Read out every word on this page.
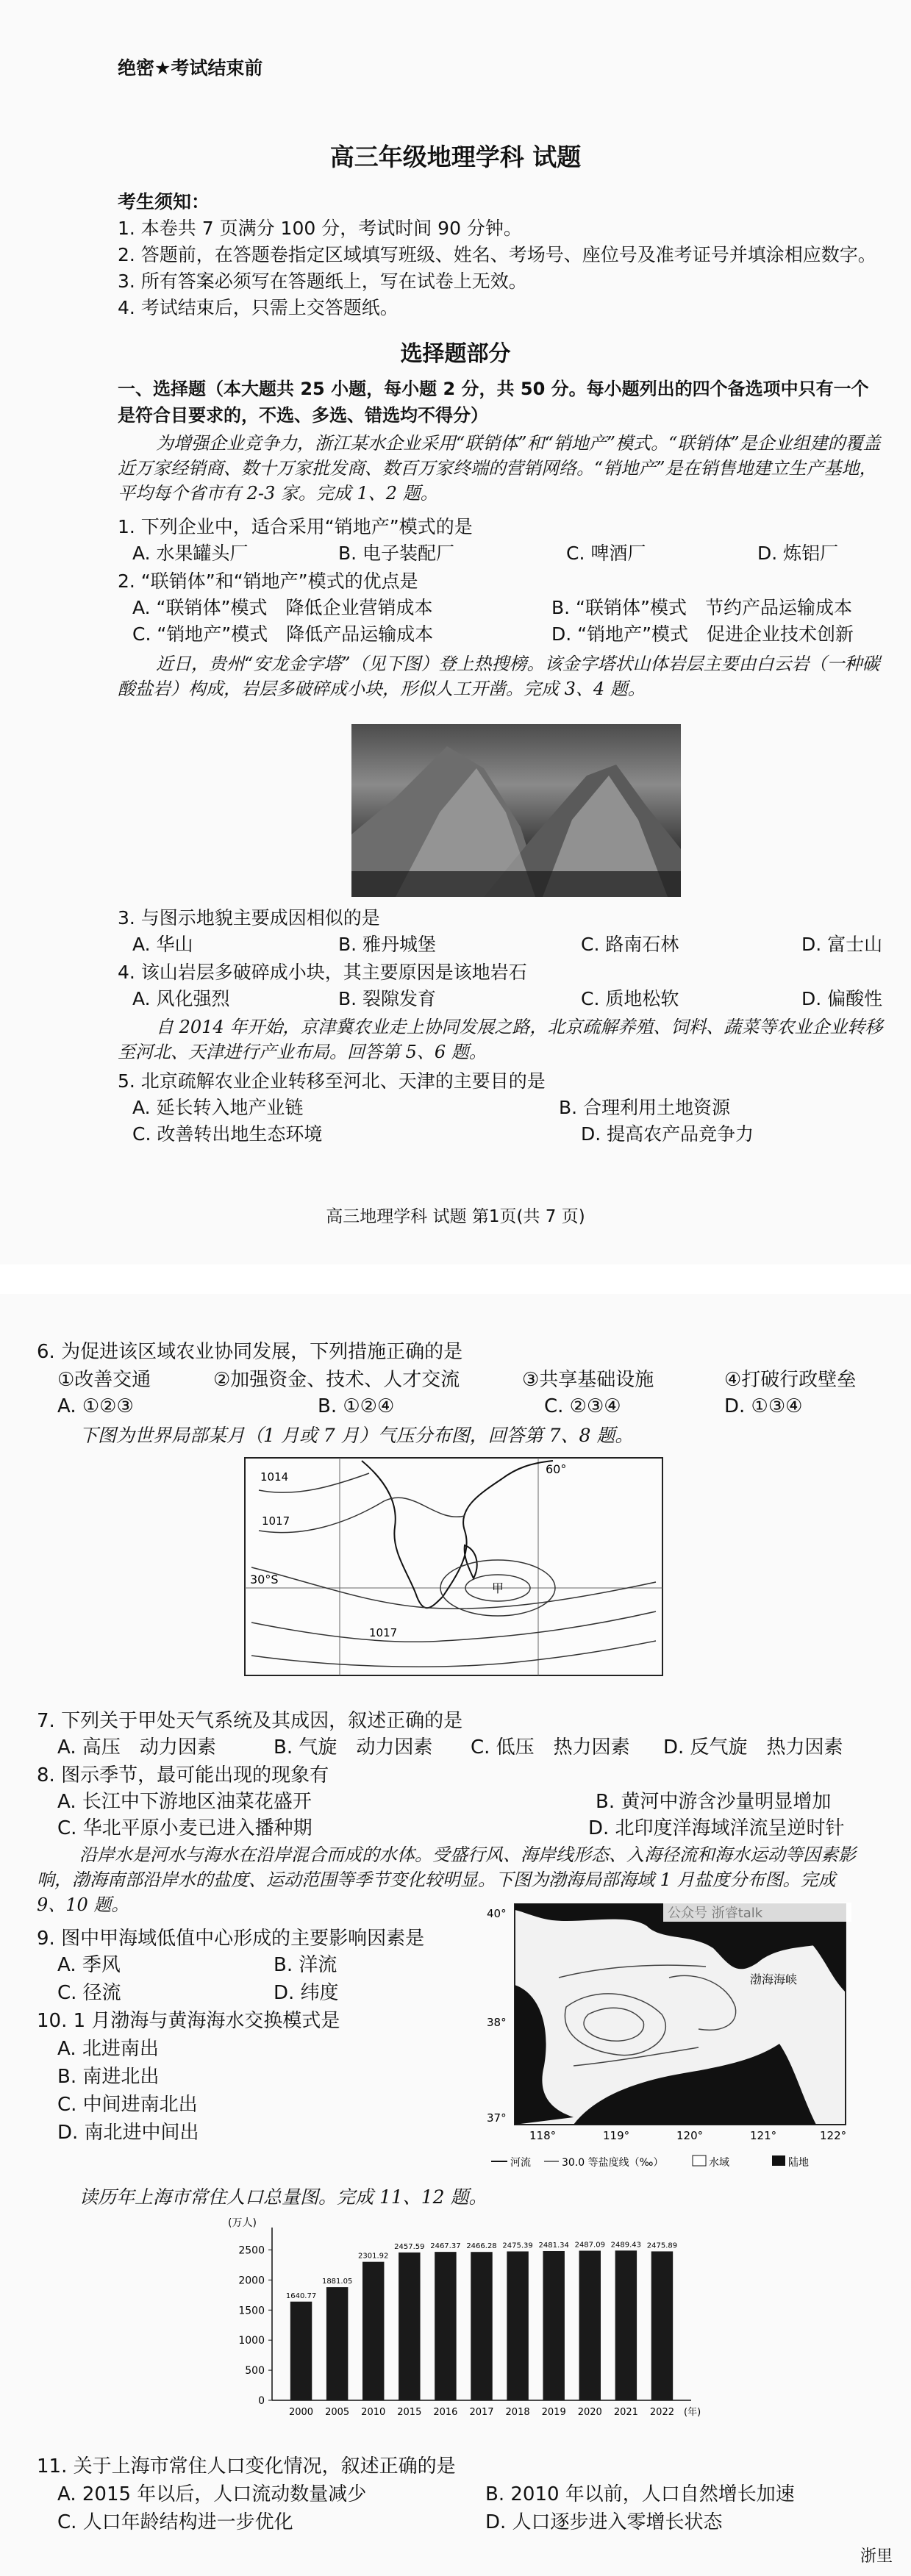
绝密★考试结束前
高三年级地理学科 试题
考生须知：
1. 本卷共 7 页满分 100 分，考试时间 90 分钟。
2. 答题前，在答题卷指定区域填写班级、姓名、考场号、座位号及准考证号并填涂相应数字。
3. 所有答案必须写在答题纸上，写在试卷上无效。
4. 考试结束后，只需上交答题纸。
选择题部分
一、选择题（本大题共 25 小题，每小题 2 分，共 50 分。每小题列出的四个备选项中只有一个
是符合目要求的，不选、多选、错选均不得分）
为增强企业竞争力，浙江某水企业采用“联销体”和“销地产”模式。“联销体”是企业组建的覆盖近万家经销商、数十万家批发商、数百万家终端的营销网络。“销地产”是在销售地建立生产基地，平均每个省市有 2-3 家。完成 1、2 题。
1. 下列企业中，适合采用“销地产”模式的是
A. 水果罐头厂	B. 电子装配厂	C. 啤酒厂	D. 炼铝厂
2. “联销体”和“销地产”模式的优点是
A. “联销体”模式　降低企业营销成本	B. “联销体”模式　节约产品运输成本
C. “销地产”模式　降低产品运输成本	D. “销地产”模式　促进企业技术创新
近日，贵州“安龙金字塔”（见下图）登上热搜榜。该金字塔状山体岩层主要由白云岩（一种碳酸盐岩）构成，岩层多破碎成小块，形似人工开凿。完成 3、4 题。
3. 与图示地貌主要成因相似的是
A. 华山	B. 雅丹城堡	C. 路南石林	D. 富士山
4. 该山岩层多破碎成小块，其主要原因是该地岩石
A. 风化强烈	B. 裂隙发育	C. 质地松软	D. 偏酸性
自 2014 年开始，京津冀农业走上协同发展之路，北京疏解养殖、饲料、蔬菜等农业企业转移至河北、天津进行产业布局。回答第 5、6 题。
5. 北京疏解农业企业转移至河北、天津的主要目的是
A. 延长转入地产业链	B. 合理利用土地资源
C. 改善转出地生态环境	D. 提高农产品竞争力
高三地理学科 试题 第1页(共 7 页)
6. 为促进该区域农业协同发展，下列措施正确的是
①改善交通	②加强资金、技术、人才交流	③共享基础设施	④打破行政壁垒
A. ①②③	B. ①②④	C. ②③④	D. ①③④
下图为世界局部某月（1 月或 7 月）气压分布图，回答第 7、8 题。
1014
1017
60°
30°S
甲
1017
7. 下列关于甲处天气系统及其成因，叙述正确的是
A. 高压　动力因素	B. 气旋　动力因素 C. 低压　热力因素 D. 反气旋　热力因素
8. 图示季节，最可能出现的现象有
A. 长江中下游地区油菜花盛开	B. 黄河中游含沙量明显增加
C. 华北平原小麦已进入播种期	D. 北印度洋海域洋流呈逆时针
沿岸水是河水与海水在沿岸混合而成的水体。受盛行风、海岸线形态、入海径流和海水运动等因素影响，渤海南部沿岸水的盐度、运动范围等季节变化较明显。下图为渤海局部海域 1 月盐度分布图。完成 9、10 题。
9. 图中甲海域低值中心形成的主要影响因素是
A. 季风	B. 洋流
C. 径流	D. 纬度
10. 1 月渤海与黄海海水交换模式是
A. 北进南出
B. 南进北出
C. 中间进南北出
D. 南北进中间出
公众号 浙睿talk
渤海海峡
40°
38°
37°
118°	119°	120°	121°	122°
河流	30.0 等盐度线（‰）	水域	陆地
读历年上海市常住人口总量图。完成 11、12 题。
(万人)
0
500
1000
1500
2000
2500
1640.77
2000
1881.05
2005
2301.92
2010
2457.59
2015
2467.37
2016
2466.28
2017
2475.39
2018
2481.34
2019
2487.09
2020
2489.43
2021
2475.89
2022 (年)
11. 关于上海市常住人口变化情况，叙述正确的是
A. 2015 年以后，人口流动数量减少	B. 2010 年以前，人口自然增长加速
C. 人口年龄结构进一步优化	D. 人口逐步进入零增长状态
浙里
